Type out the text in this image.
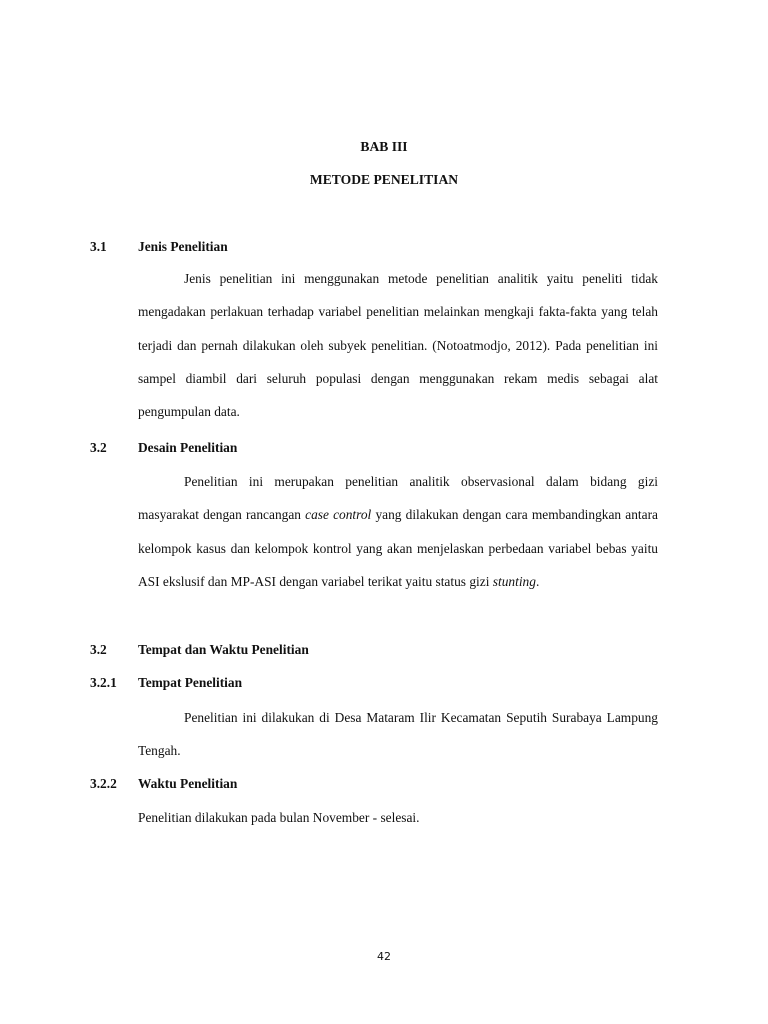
BAB III
METODE PENELITIAN
3.1	Jenis Penelitian

Jenis penelitian ini menggunakan metode penelitian analitik yaitu peneliti tidak mengadakan perlakuan terhadap variabel penelitian melainkan mengkaji fakta-fakta yang telah terjadi dan pernah dilakukan oleh subyek penelitian. (Notoatmodjo, 2012). Pada penelitian ini sampel diambil dari seluruh populasi dengan menggunakan rekam medis sebagai alat pengumpulan data.

3.2	Desain Penelitian

Penelitian ini merupakan penelitian analitik observasional dalam bidang gizi masyarakat dengan rancangan case control yang dilakukan dengan cara membandingkan antara kelompok kasus dan kelompok kontrol yang akan menjelaskan perbedaan variabel bebas yaitu ASI ekslusif dan MP-ASI dengan variabel terikat yaitu status gizi stunting.

3.2	Tempat dan Waktu Penelitian
3.2.1	Tempat Penelitian

Penelitian ini dilakukan di Desa Mataram Ilir Kecamatan Seputih Surabaya Lampung Tengah.

3.2.2	Waktu Penelitian

Penelitian dilakukan pada bulan November - selesai.

42
